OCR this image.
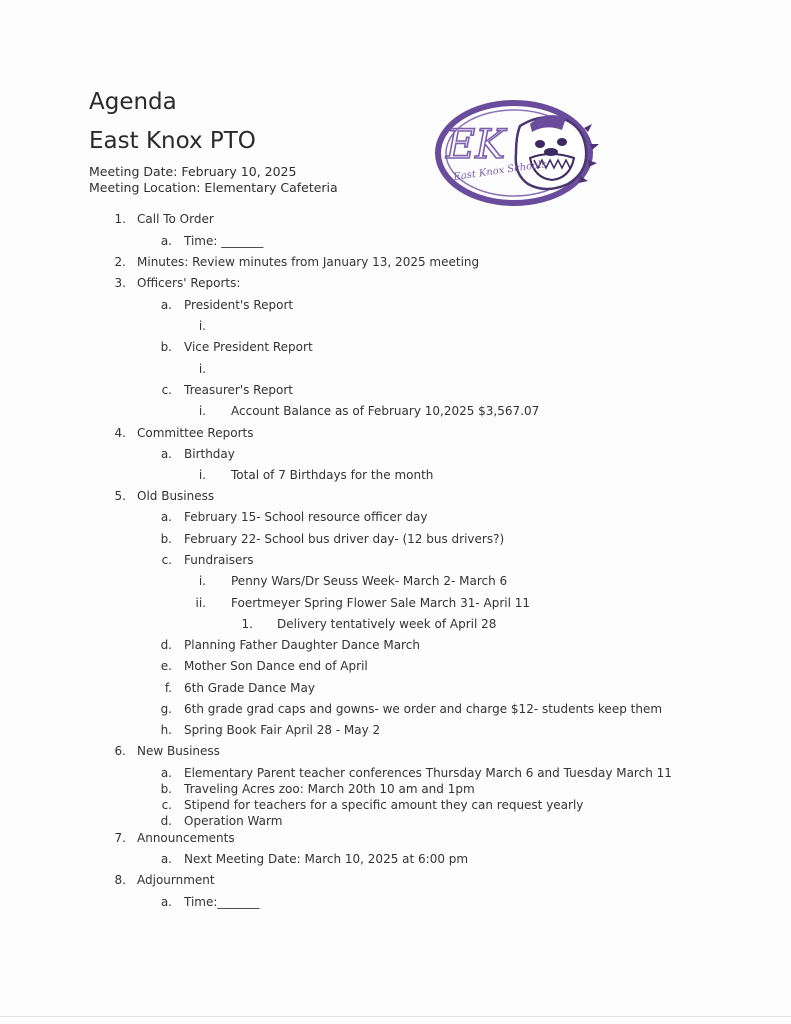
Agenda
East Knox PTO
Meeting Date: February 10, 2025
Meeting Location: Elementary Cafeteria
EK
East Knox Schools
1. Call To Order
a. Time: _______
2. Minutes: Review minutes from January 13, 2025 meeting
3. Officers' Reports:
a. President's Report
i.
b. Vice President Report
i.
c. Treasurer's Report
i. Account Balance as of February 10,2025 $3,567.07
4. Committee Reports
a. Birthday
i. Total of 7 Birthdays for the month
5. Old Business
a. February 15- School resource officer day
b. February 22- School bus driver day- (12 bus drivers?)
c. Fundraisers
i. Penny Wars/Dr Seuss Week- March 2- March 6
ii. Foertmeyer Spring Flower Sale March 31- April 11
1. Delivery tentatively week of April 28
d. Planning Father Daughter Dance March
e. Mother Son Dance end of April
f. 6th Grade Dance May
g. 6th grade grad caps and gowns- we order and charge $12- students keep them
h. Spring Book Fair April 28 - May 2
6. New Business
a. Elementary Parent teacher conferences Thursday March 6 and Tuesday March 11
b. Traveling Acres zoo: March 20th 10 am and 1pm
c. Stipend for teachers for a specific amount they can request yearly
d. Operation Warm
7. Announcements
a. Next Meeting Date: March 10, 2025 at 6:00 pm
8. Adjournment
a. Time:_______
